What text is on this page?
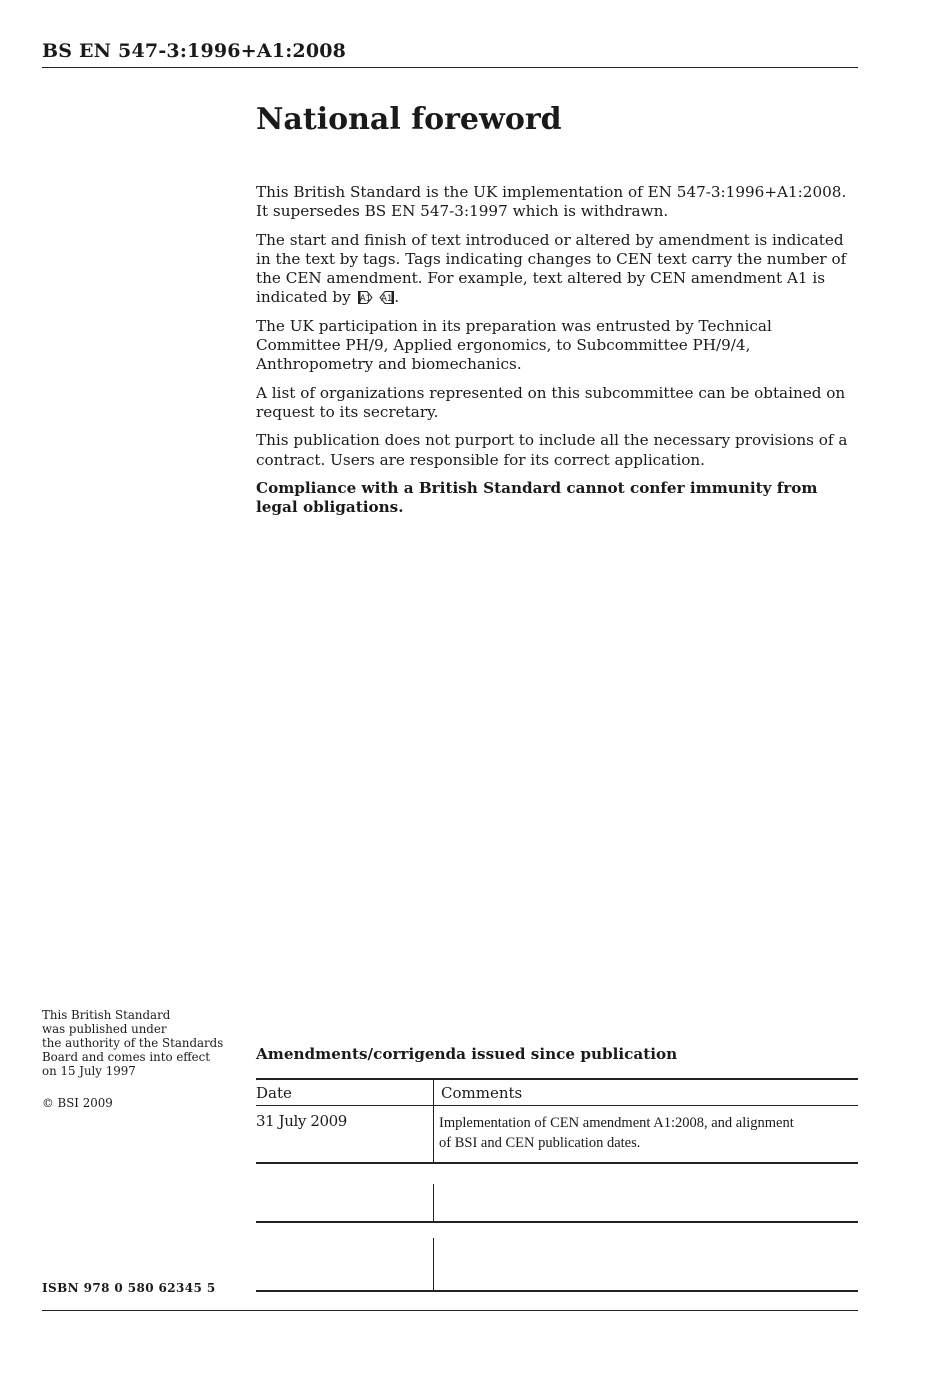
BS EN 547-3:1996+A1:2008
National foreword

This British Standard is the UK implementation of EN 547-3:1996+A1:2008. It supersedes BS EN 547-3:1997 which is withdrawn.

The start and finish of text introduced or altered by amendment is indicated in the text by tags. Tags indicating changes to CEN text carry the number of the CEN amendment. For example, text altered by CEN amendment A1 is indicated by A1
A1 .

The UK participation in its preparation was entrusted by Technical Committee PH/9, Applied ergonomics, to Subcommittee PH/9/4, Anthropometry and biomechanics.

A list of organizations represented on this subcommittee can be obtained on request to its secretary.

This publication does not purport to include all the necessary provisions of a contract. Users are responsible for its correct application.

Compliance with a British Standard cannot confer immunity from legal obligations.

This British Standard

was published under

the authority of the Standards

Board and comes into effect

on 15 July 1997

© BSI 2009

ISBN 978 0 580 62345 5
Amendments/corrigenda issued since publication
Date	Comments
31 July 2009	Implementation of CEN amendment A1:2008, and alignment
of BSI and CEN publication dates.
